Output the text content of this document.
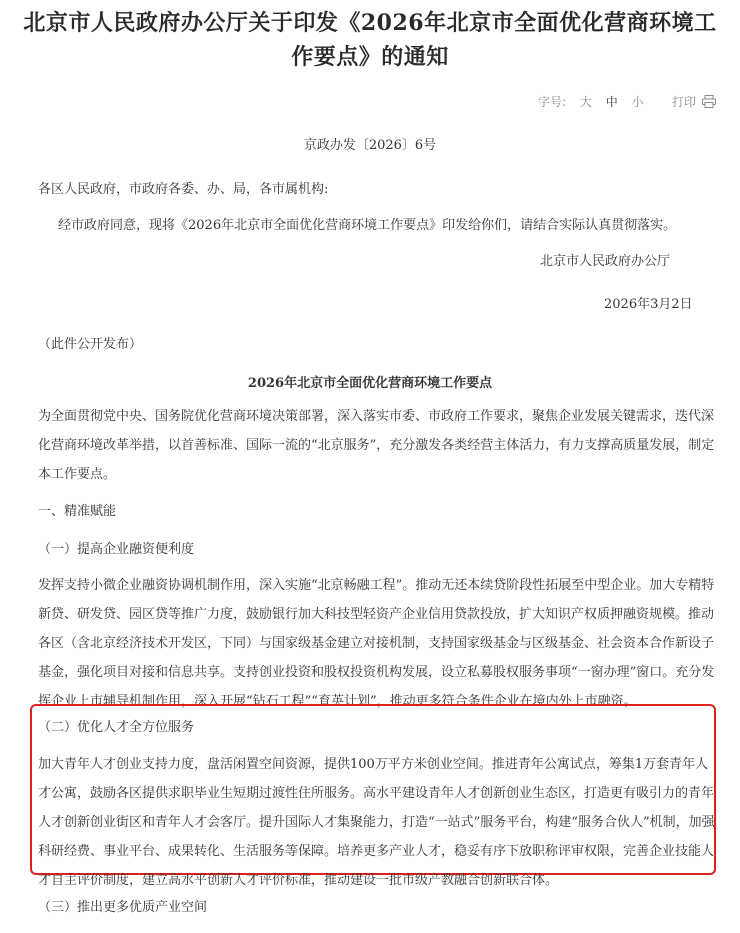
北京市人民政府办公厅关于印发《2026年北京市全面优化营商环境工作要点》的通知
字号: 大 中 小	打印
京政办发〔2026〕6号
各区人民政府，市政府各委、办、局，各市属机构:
经市政府同意，现将《2026年北京市全面优化营商环境工作要点》印发给你们，请结合实际认真贯彻落实。
北京市人民政府办公厅
2026年3月2日
（此件公开发布）
2026年北京市全面优化营商环境工作要点
为全面贯彻党中央、国务院优化营商环境决策部署，深入落实市委、市政府工作要求，聚焦企业发展关键需求，迭代深化营商环境改革举措，以首善标准、国际一流的“北京服务”，充分激发各类经营主体活力，有力支撑高质量发展，制定本工作要点。
一、精准赋能
（一）提高企业融资便利度
发挥支持小微企业融资协调机制作用，深入实施“北京畅融工程”。推动无还本续贷阶段性拓展至中型企业。加大专精特新贷、研发贷、园区贷等推广力度，鼓励银行加大科技型轻资产企业信用贷款投放，扩大知识产权质押融资规模。推动各区（含北京经济技术开发区，下同）与国家级基金建立对接机制，支持国家级基金与区级基金、社会资本合作新设子基金，强化项目对接和信息共享。支持创业投资和股权投资机构发展，设立私募股权服务事项“一窗办理”窗口。充分发挥企业上市辅导机制作用，深入开展“钻石工程”“育英计划”，推动更多符合条件企业在境内外上市融资。
（二）优化人才全方位服务
加大青年人才创业支持力度，盘活闲置空间资源，提供100万平方米创业空间。推进青年公寓试点，筹集1万套青年人才公寓，鼓励各区提供求职毕业生短期过渡性住所服务。高水平建设青年人才创新创业生态区，打造更有吸引力的青年人才创新创业街区和青年人才会客厅。提升国际人才集聚能力，打造“一站式”服务平台，构建“服务合伙人”机制，加强科研经费、事业平台、成果转化、生活服务等保障。培养更多产业人才，稳妥有序下放职称评审权限，完善企业技能人才自主评价制度，建立高水平创新人才评价标准，推动建设一批市级产教融合创新联合体。
（三）推出更多优质产业空间
